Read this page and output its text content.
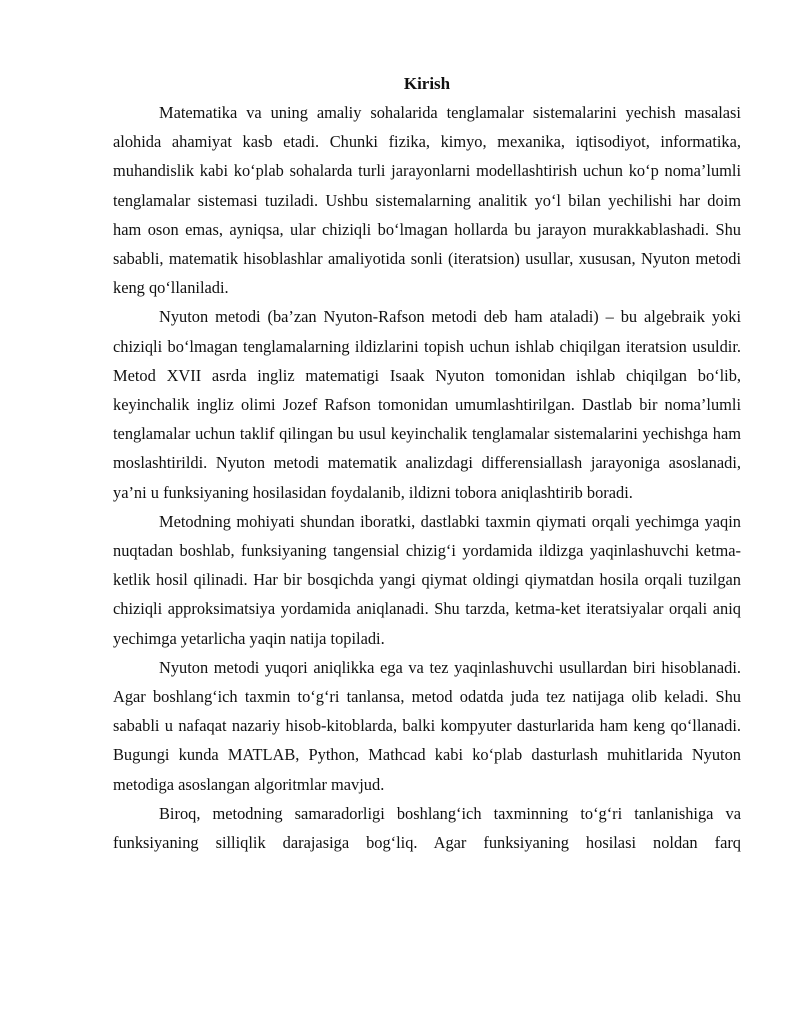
Kirish

Matematika va uning amaliy sohalarida tenglamalar sistemalarini yechish masalasi alohida ahamiyat kasb etadi. Chunki fizika, kimyo, mexanika, iqtisodiyot, informatika, muhandislik kabi ko‘plab sohalarda turli jarayonlarni modellashtirish uchun ko‘p noma’lumli tenglamalar sistemasi tuziladi. Ushbu sistemalarning analitik yo‘l bilan yechilishi har doim ham oson emas, ayniqsa, ular chiziqli bo‘lmagan hollarda bu jarayon murakkablashadi. Shu sababli, matematik hisoblashlar amaliyotida sonli (iteratsion) usullar, xususan, Nyuton metodi keng qo‘llaniladi.

Nyuton metodi (ba’zan Nyuton-Rafson metodi deb ham ataladi) – bu algebraik yoki chiziqli bo‘lmagan tenglamalarning ildizlarini topish uchun ishlab chiqilgan iteratsion usuldir. Metod XVII asrda ingliz matematigi Isaak Nyuton tomonidan ishlab chiqilgan bo‘lib, keyinchalik ingliz olimi Jozef Rafson tomonidan umumlashtirilgan. Dastlab bir noma’lumli tenglamalar uchun taklif qilingan bu usul keyinchalik tenglamalar sistemalarini yechishga ham moslashtirildi. Nyuton metodi matematik analizdagi differensiallash jarayoniga asoslanadi, ya’ni u funksiyaning hosilasidan foydalanib, ildizni tobora aniqlashtirib boradi.

Metodning mohiyati shundan iboratki, dastlabki taxmin qiymati orqali yechimga yaqin nuqtadan boshlab, funksiyaning tangensial chizig‘i yordamida ildizga yaqinlashuvchi ketma-ketlik hosil qilinadi. Har bir bosqichda yangi qiymat oldingi qiymatdan hosila orqali tuzilgan chiziqli approksimatsiya yordamida aniqlanadi. Shu tarzda, ketma-ket iteratsiyalar orqali aniq yechimga yetarlicha yaqin natija topiladi.

Nyuton metodi yuqori aniqlikka ega va tez yaqinlashuvchi usullardan biri hisoblanadi. Agar boshlang‘ich taxmin to‘g‘ri tanlansa, metod odatda juda tez natijaga olib keladi. Shu sababli u nafaqat nazariy hisob-kitoblarda, balki kompyuter dasturlarida ham keng qo‘llanadi. Bugungi kunda MATLAB, Python, Mathcad kabi ko‘plab dasturlash muhitlarida Nyuton metodiga asoslangan algoritmlar mavjud.

Biroq, metodning samaradorligi boshlang‘ich taxminning to‘g‘ri tanlanishiga va funksiyaning silliqlik darajasiga bog‘liq. Agar funksiyaning hosilasi noldan farq
